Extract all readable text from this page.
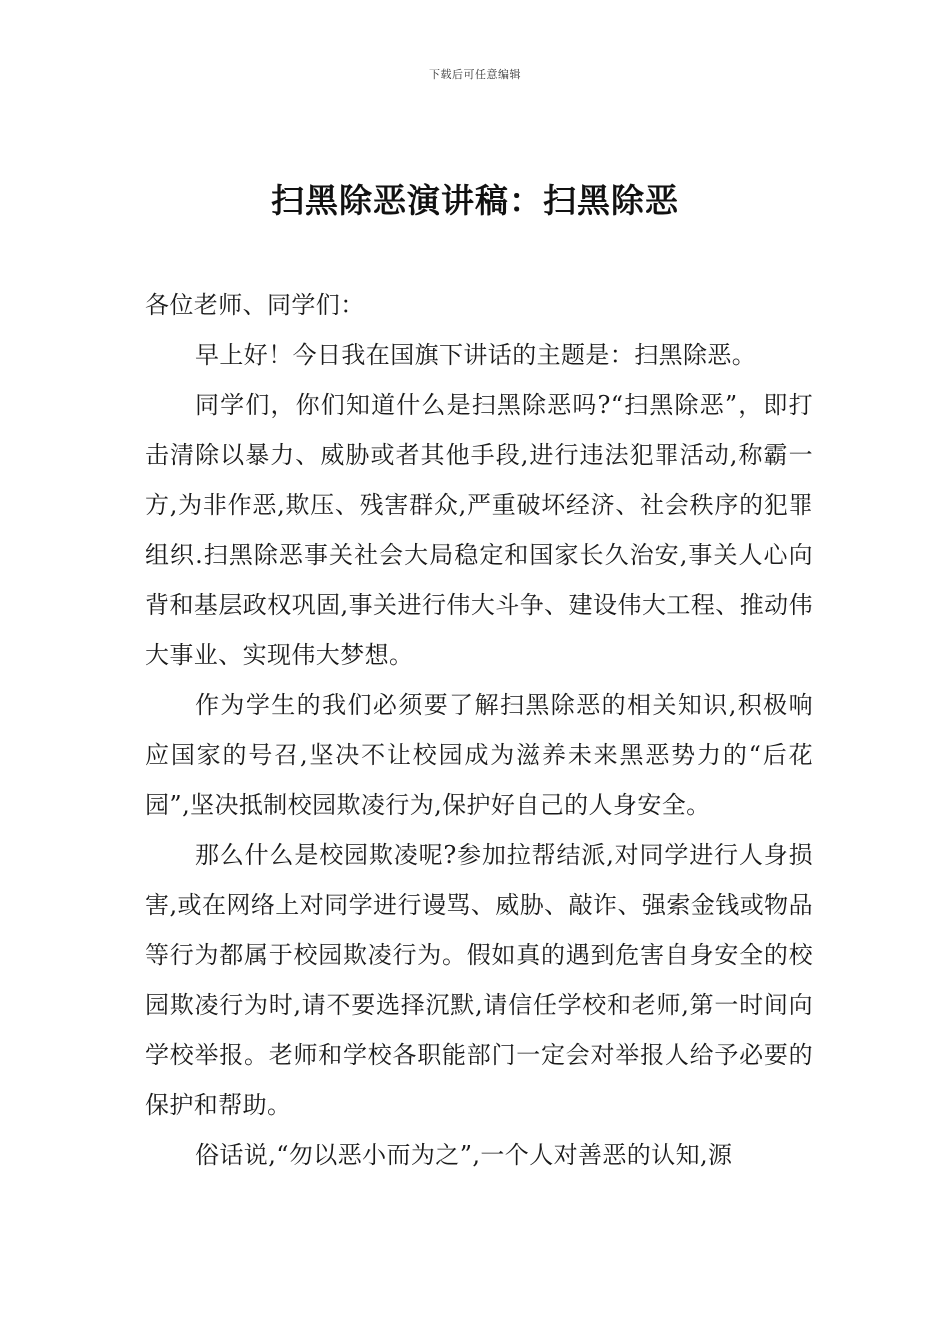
下载后可任意编辑
扫黑除恶演讲稿：扫黑除恶

各位老师、同学们：

早上好！今日我在国旗下讲话的主题是：扫黑除恶。

同学们，你们知道什么是扫黑除恶吗?“扫黑除恶”，即打击清除以暴力、威胁或者其他手段,进行违法犯罪活动,称霸一方,为非作恶,欺压、残害群众,严重破坏经济、社会秩序的犯罪组织.扫黑除恶事关社会大局稳定和国家长久治安,事关人心向背和基层政权巩固,事关进行伟大斗争、建设伟大工程、推动伟大事业、实现伟大梦想。

作为学生的我们必须要了解扫黑除恶的相关知识,积极响应国家的号召,坚决不让校园成为滋养未来黑恶势力的“后花园”,坚决抵制校园欺凌行为,保护好自己的人身安全。

那么什么是校园欺凌呢?参加拉帮结派,对同学进行人身损害,或在网络上对同学进行谩骂、威胁、敲诈、强索金钱或物品等行为都属于校园欺凌行为。假如真的遇到危害自身安全的校园欺凌行为时,请不要选择沉默,请信任学校和老师,第一时间向学校举报。老师和学校各职能部门一定会对举报人给予必要的保护和帮助。

俗话说,“勿以恶小而为之”,一个人对善恶的认知,源
